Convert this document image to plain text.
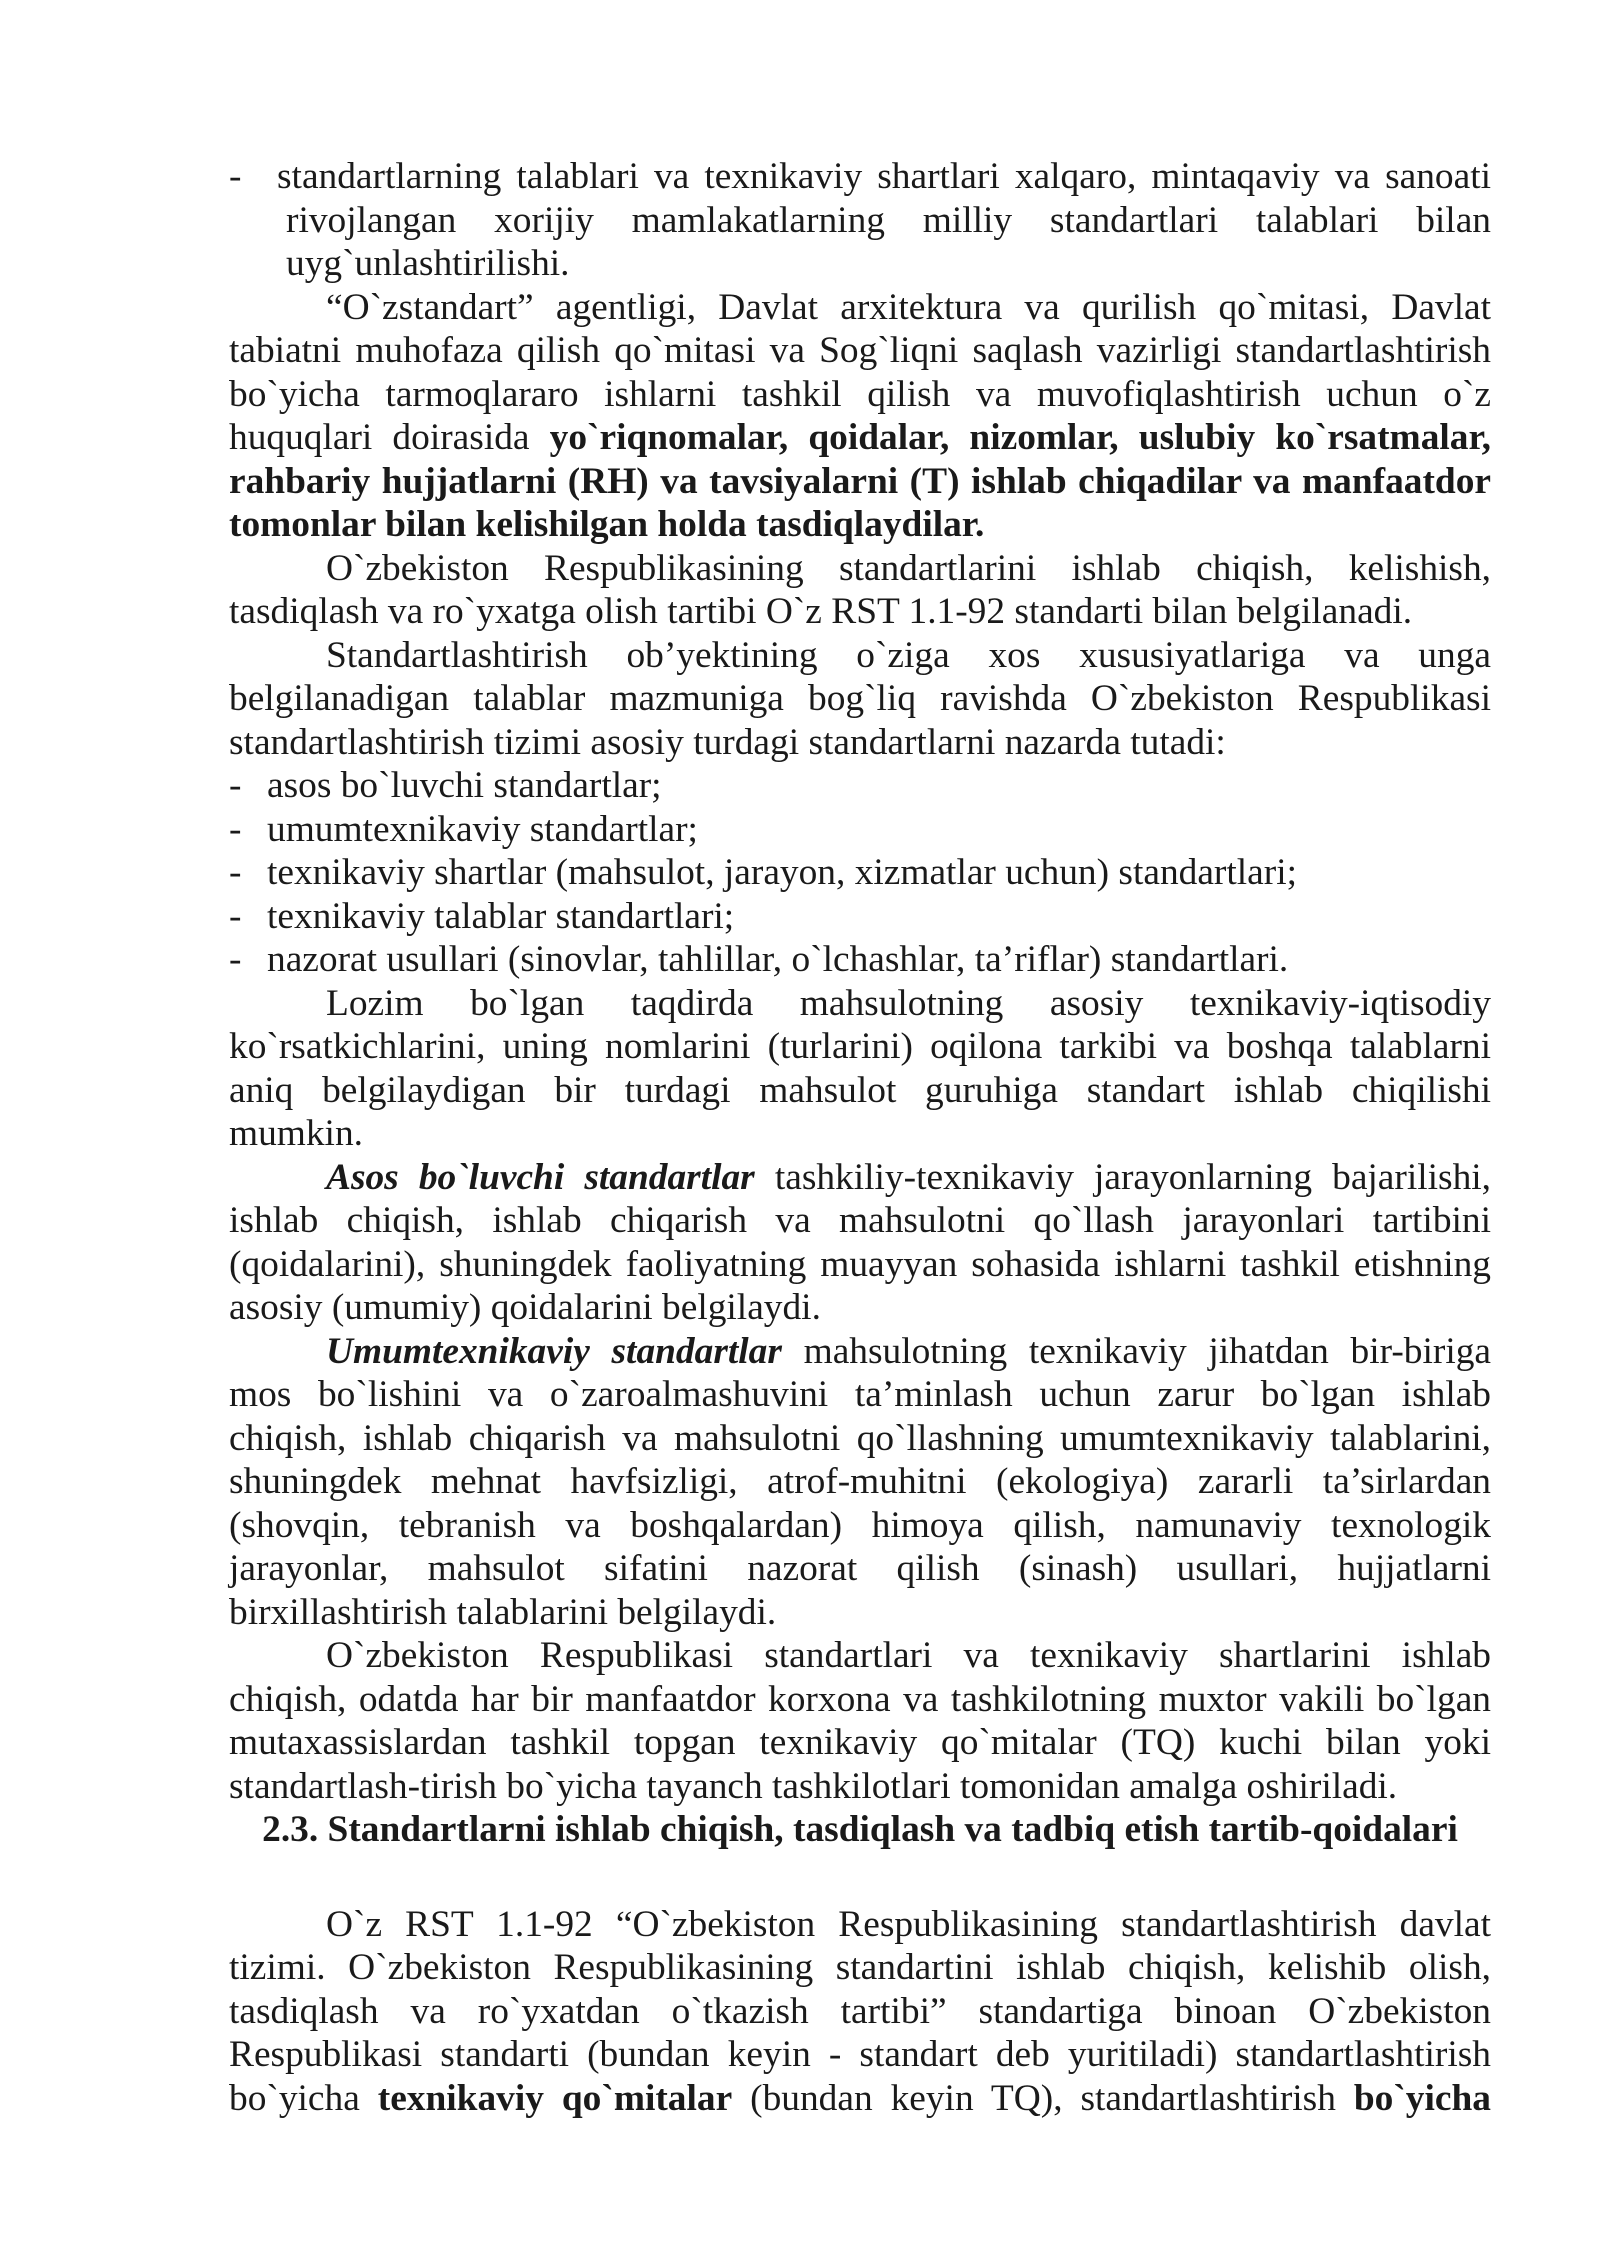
- standartlarning talablari va texnikaviy shartlari xalqaro, mintaqaviy va sanoati
rivojlangan xorijiy mamlakatlarning milliy standartlari talablari bilan
uyg`unlashtirilishi.
“O`zstandart” agentligi, Davlat arxitektura va qurilish qo`mitasi, Davlat
tabiatni muhofaza qilish qo`mitasi va Sog`liqni saqlash vazirligi standartlashtirish
bo`yicha tarmoqlararo ishlarni tashkil qilish va muvofiqlashtirish uchun o`z
huquqlari doirasida yo`riqnomalar, qoidalar, nizomlar, uslubiy ko`rsatmalar,
rahbariy hujjatlarni (RH) va tavsiyalarni (T) ishlab chiqadilar va manfaatdor
tomonlar bilan kelishilgan holda tasdiqlaydilar.
O`zbekiston Respublikasining standartlarini ishlab chiqish, kelishish,
tasdiqlash va ro`yxatga olish tartibi O`z RST 1.1-92 standarti bilan belgilanadi.
Standartlashtirish ob’yektining o`ziga xos xususiyatlariga va unga
belgilanadigan talablar mazmuniga bog`liq ravishda O`zbekiston Respublikasi
standartlashtirish tizimi asosiy turdagi standartlarni nazarda tutadi:
- asos bo`luvchi standartlar;
- umumtexnikaviy standartlar;
- texnikaviy shartlar (mahsulot, jarayon, xizmatlar uchun) standartlari;
- texnikaviy talablar standartlari;
- nazorat usullari (sinovlar, tahlillar, o`lchashlar, ta’riflar) standartlari.
Lozim bo`lgan taqdirda mahsulotning asosiy texnikaviy-iqtisodiy
ko`rsatkichlarini, uning nomlarini (turlarini) oqilona tarkibi va boshqa talablarni
aniq belgilaydigan bir turdagi mahsulot guruhiga standart ishlab chiqilishi
mumkin.
Asos bo`luvchi standartlar tashkiliy-texnikaviy jarayonlarning bajarilishi,
ishlab chiqish, ishlab chiqarish va mahsulotni qo`llash jarayonlari tartibini
(qoidalarini), shuningdek faoliyatning muayyan sohasida ishlarni tashkil etishning
asosiy (umumiy) qoidalarini belgilaydi.
Umumtexnikaviy standartlar mahsulotning texnikaviy jihatdan bir-biriga
mos bo`lishini va o`zaroalmashuvini ta’minlash uchun zarur bo`lgan ishlab
chiqish, ishlab chiqarish va mahsulotni qo`llashning umumtexnikaviy talablarini,
shuningdek mehnat havfsizligi, atrof-muhitni (ekologiya) zararli ta’sirlardan
(shovqin, tebranish va boshqalardan) himoya qilish, namunaviy texnologik
jarayonlar, mahsulot sifatini nazorat qilish (sinash) usullari, hujjatlarni
birxillashtirish talablarini belgilaydi.
O`zbekiston Respublikasi standartlari va texnikaviy shartlarini ishlab
chiqish, odatda har bir manfaatdor korxona va tashkilotning muxtor vakili bo`lgan
mutaxassislardan tashkil topgan texnikaviy qo`mitalar (TQ) kuchi bilan yoki
standartlash-tirish bo`yicha tayanch tashkilotlari tomonidan amalga oshiriladi.
2.3. Standartlarni ishlab chiqish, tasdiqlash va tadbiq etish tartib-qoidalari
O`z RST 1.1-92 “O`zbekiston Respublikasining standartlashtirish davlat
tizimi. O`zbekiston Respublikasining standartini ishlab chiqish, kelishib olish,
tasdiqlash va ro`yxatdan o`tkazish tartibi” standartiga binoan O`zbekiston
Respublikasi standarti (bundan keyin - standart deb yuritiladi) standartlashtirish
bo`yicha texnikaviy qo`mitalar (bundan keyin TQ), standartlashtirish bo`yicha
